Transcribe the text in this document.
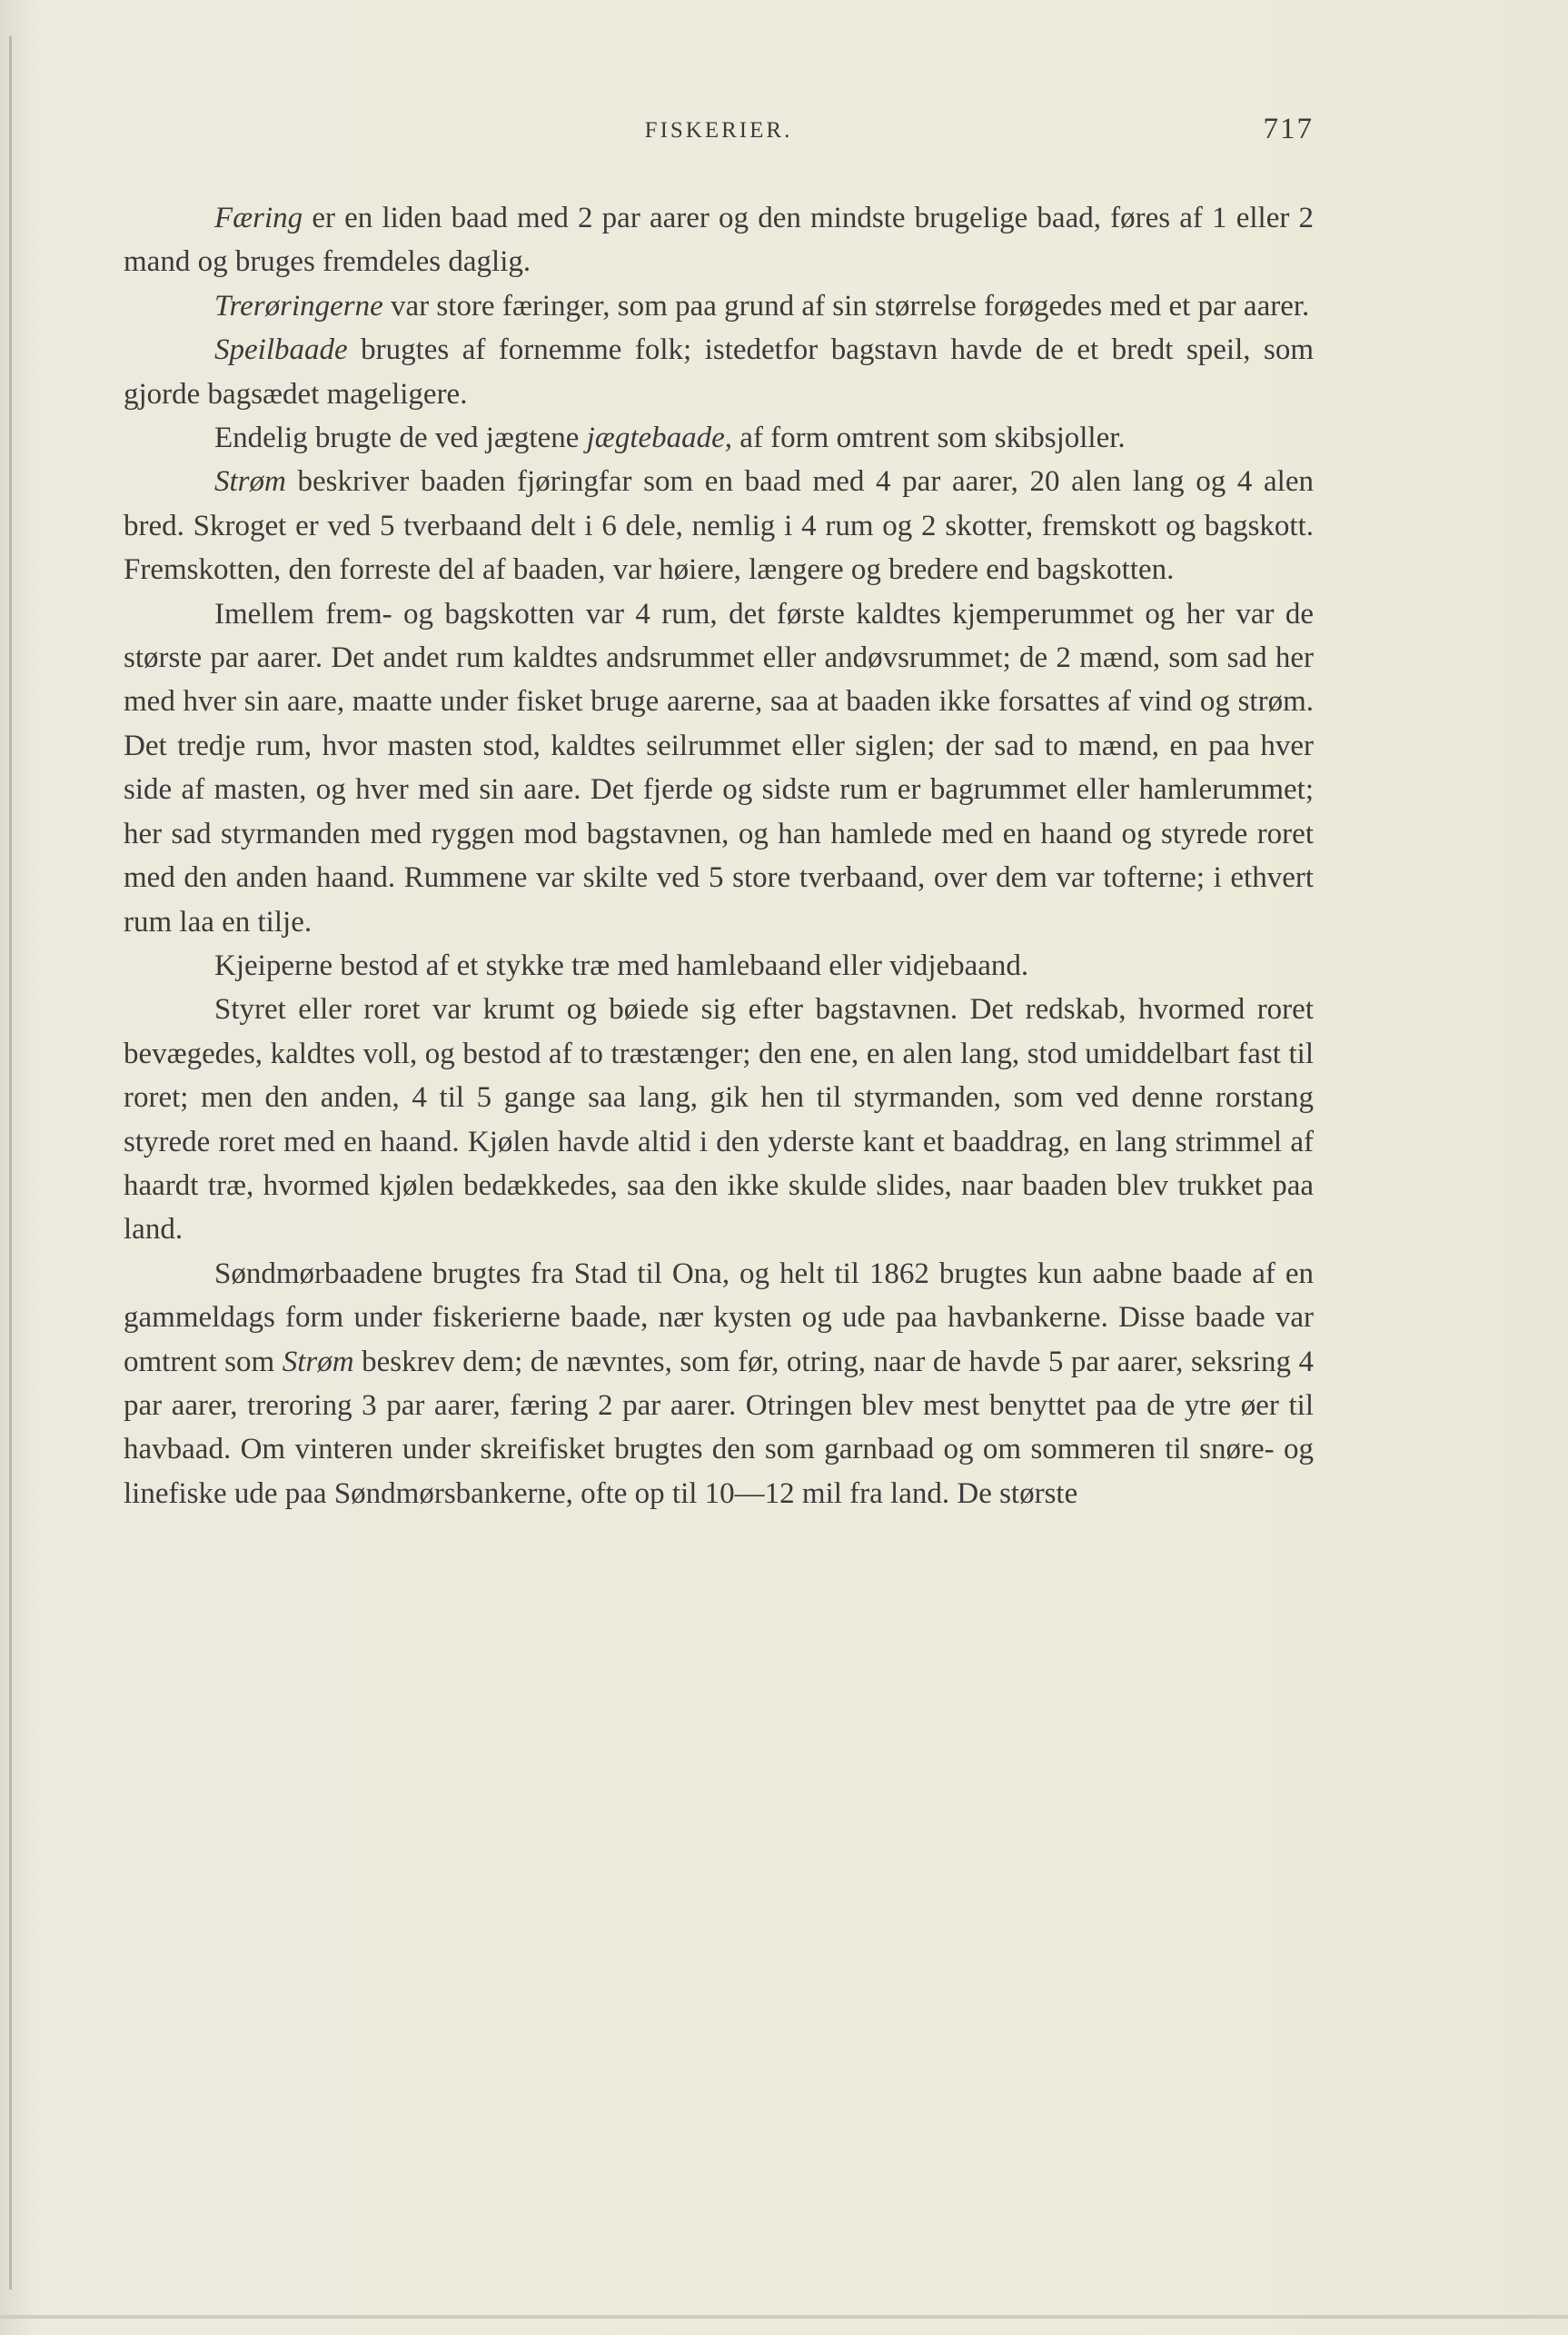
FISKERIER.	717

Færing er en liden baad med 2 par aarer og den mindste brugelige baad, føres af 1 eller 2 mand og bruges fremdeles daglig.

Trerøringerne var store færinger, som paa grund af sin størrelse forøgedes med et par aarer.

Speilbaade brugtes af fornemme folk; istedetfor bagstavn havde de et bredt speil, som gjorde bagsædet mageligere.

Endelig brugte de ved jægtene jægtebaade, af form omtrent som skibsjoller.

Strøm beskriver baaden fjøringfar som en baad med 4 par aarer, 20 alen lang og 4 alen bred. Skroget er ved 5 tverbaand delt i 6 dele, nemlig i 4 rum og 2 skotter, fremskott og bagskott. Fremskotten, den forreste del af baaden, var høiere, længere og bredere end bagskotten.

Imellem frem- og bagskotten var 4 rum, det første kaldtes kjemperummet og her var de største par aarer. Det andet rum kaldtes andsrummet eller andøvsrummet; de 2 mænd, som sad her med hver sin aare, maatte under fisket bruge aarerne, saa at baaden ikke forsattes af vind og strøm. Det tredje rum, hvor masten stod, kaldtes seilrummet eller siglen; der sad to mænd, en paa hver side af masten, og hver med sin aare. Det fjerde og sidste rum er bagrummet eller hamlerummet; her sad styrmanden med ryggen mod bagstavnen, og han hamlede med en haand og styrede roret med den anden haand. Rummene var skilte ved 5 store tverbaand, over dem var tofterne; i ethvert rum laa en tilje.

Kjeiperne bestod af et stykke træ med hamlebaand eller vidjebaand.

Styret eller roret var krumt og bøiede sig efter bagstavnen. Det redskab, hvormed roret bevægedes, kaldtes voll, og bestod af to træstænger; den ene, en alen lang, stod umiddelbart fast til roret; men den anden, 4 til 5 gange saa lang, gik hen til styrmanden, som ved denne rorstang styrede roret med en haand. Kjølen havde altid i den yderste kant et baaddrag, en lang strimmel af haardt træ, hvormed kjølen bedækkedes, saa den ikke skulde slides, naar baaden blev trukket paa land.

Søndmørbaadene brugtes fra Stad til Ona, og helt til 1862 brugtes kun aabne baade af en gammeldags form under fiskerierne baade, nær kysten og ude paa havbankerne. Disse baade var omtrent som Strøm beskrev dem; de nævntes, som før, otring, naar de havde 5 par aarer, seksring 4 par aarer, treroring 3 par aarer, færing 2 par aarer. Otringen blev mest benyttet paa de ytre øer til havbaad. Om vinteren under skreifisket brugtes den som garnbaad og om sommeren til snøre- og linefiske ude paa Søndmørsbankerne, ofte op til 10—12 mil fra land. De største
